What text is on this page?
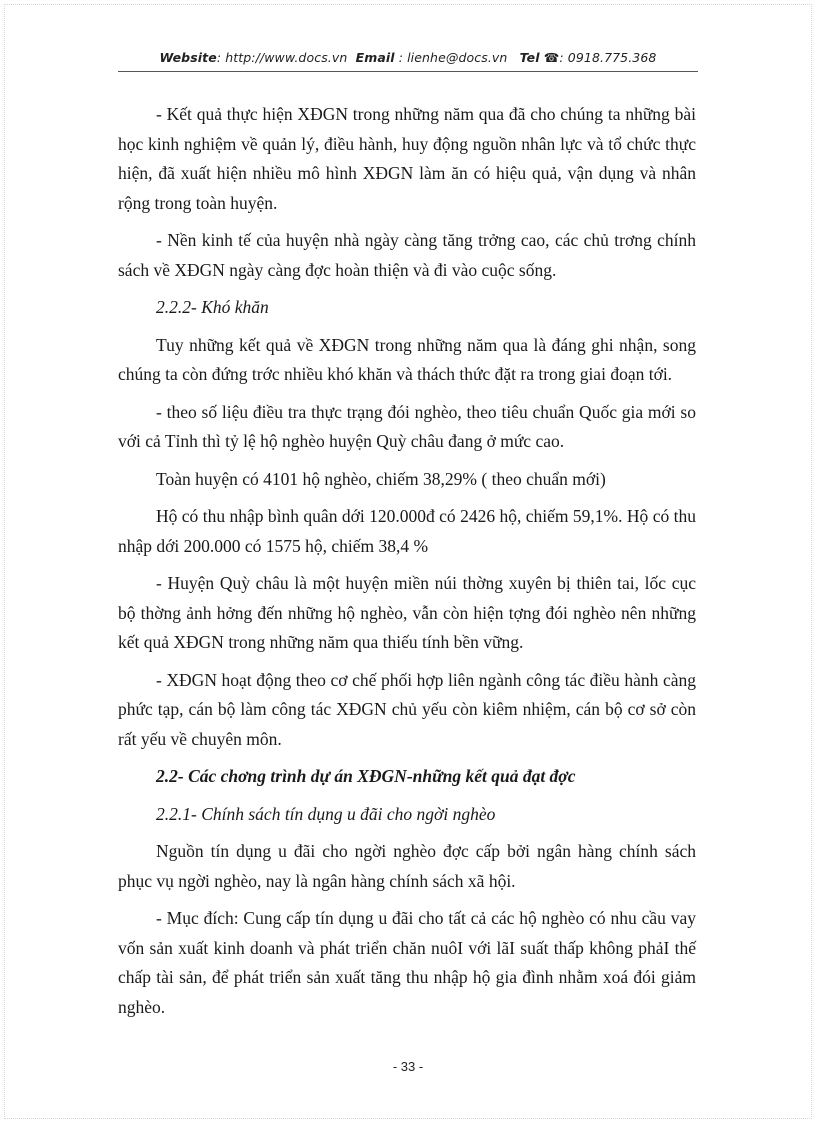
Website: http://www.docs.vn Email : lienhe@docs.vn Tel ☎: 0918.775.368

- Kết quả thực hiện XĐGN trong những năm qua đã cho chúng ta những bài học kinh nghiệm về quản lý, điều hành, huy động nguồn nhân lực và tổ chức thực hiện, đã xuất hiện nhiều mô hình XĐGN làm ăn có hiệu quả, vận dụng và nhân rộng trong toàn huyện.

- Nền kinh tế của huyện nhà ngày càng tăng trởng cao, các chủ trơng chính sách về XĐGN ngày càng đợc hoàn thiện và đi vào cuộc sống.

2.2.2- Khó khăn

Tuy những kết quả về XĐGN trong những năm qua là đáng ghi nhận, song chúng ta còn đứng trớc nhiều khó khăn và thách thức đặt ra trong giai đoạn tới.

- theo số liệu điều tra thực trạng đói nghèo, theo tiêu chuẩn Quốc gia mới so với cả Tỉnh thì tỷ lệ hộ nghèo huyện Quỳ châu đang ở mức cao.

Toàn huyện có 4101 hộ nghèo, chiếm 38,29% ( theo chuẩn mới)

Hộ có thu nhập bình quân dới 120.000đ có 2426 hộ, chiếm 59,1%. Hộ có thu nhập dới 200.000 có 1575 hộ, chiếm 38,4 %

- Huyện Quỳ châu là một huyện miền núi thờng xuyên bị thiên tai, lốc cục bộ thờng ảnh hởng đến những hộ nghèo, vẫn còn hiện tợng đói nghèo nên những kết quả XĐGN trong những năm qua thiếu tính bền vững.

- XĐGN hoạt động theo cơ chế phối hợp liên ngành công tác điều hành càng phức tạp, cán bộ làm công tác XĐGN chủ yếu còn kiêm nhiệm, cán bộ cơ sở còn rất yếu về chuyên môn.

2.2- Các chơng trình dự án XĐGN-những kết quả đạt đợc

2.2.1- Chính sách tín dụng u đãi cho ngời nghèo

Nguồn tín dụng u đãi cho ngời nghèo đợc cấp bởi ngân hàng chính sách phục vụ ngời nghèo, nay là ngân hàng chính sách xã hội.

- Mục đích: Cung cấp tín dụng u đãi cho tất cả các hộ nghèo có nhu cầu vay vốn sản xuất kinh doanh và phát triển chăn nuôI với lãI suất thấp không phảI thế chấp tài sản, để phát triển sản xuất tăng thu nhập hộ gia đình nhằm xoá đói giảm nghèo.

- 33 -
